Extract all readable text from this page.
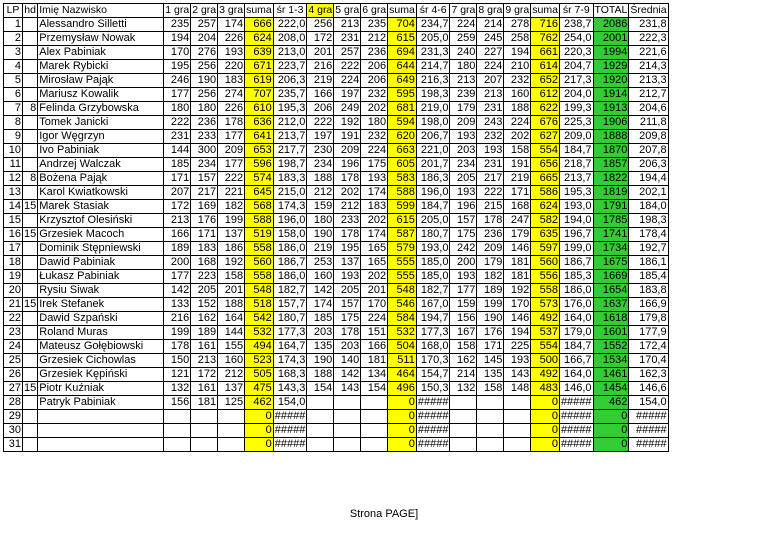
LP	hd	Imię Nazwisko	1 gra	2 gra	3 gra	suma	śr 1-3	4 gra	5 gra	6 gra	suma	śr 4-6	7 gra	8 gra	9 gra	suma	śr 7-9	TOTAL	Średnia
1		Alessandro Silletti	235	257	174	666	222,0	256	213	235	704	234,7	224	214	278	716	238,7	2086	231,8
2		Przemysław Nowak	194	204	226	624	208,0	172	231	212	615	205,0	259	245	258	762	254,0	2001	222,3
3		Alex Pabiniak	170	276	193	639	213,0	201	257	236	694	231,3	240	227	194	661	220,3	1994	221,6
4		Marek Rybicki	195	256	220	671	223,7	216	222	206	644	214,7	180	224	210	614	204,7	1929	214,3
5		Mirosław Pająk	246	190	183	619	206,3	219	224	206	649	216,3	213	207	232	652	217,3	1920	213,3
6		Mariusz Kowalik	177	256	274	707	235,7	166	197	232	595	198,3	239	213	160	612	204,0	1914	212,7
7	8	Felinda Grzybowska	180	180	226	610	195,3	206	249	202	681	219,0	179	231	188	622	199,3	1913	204,6
8		Tomek Janicki	222	236	178	636	212,0	222	192	180	594	198,0	209	243	224	676	225,3	1906	211,8
9		Igor Węgrzyn	231	233	177	641	213,7	197	191	232	620	206,7	193	232	202	627	209,0	1888	209,8
10		Ivo Pabiniak	144	300	209	653	217,7	230	209	224	663	221,0	203	193	158	554	184,7	1870	207,8
11		Andrzej Walczak	185	234	177	596	198,7	234	196	175	605	201,7	234	231	191	656	218,7	1857	206,3
12	8	Bożena Pająk	171	157	222	574	183,3	188	178	193	583	186,3	205	217	219	665	213,7	1822	194,4
13		Karol Kwiatkowski	207	217	221	645	215,0	212	202	174	588	196,0	193	222	171	586	195,3	1819	202,1
14	15	Marek Stasiak	172	169	182	568	174,3	159	212	183	599	184,7	196	215	168	624	193,0	1791	184,0
15		Krzysztof Olesiński	213	176	199	588	196,0	180	233	202	615	205,0	157	178	247	582	194,0	1785	198,3
16	15	Grzesiek Macoch	166	171	137	519	158,0	190	178	174	587	180,7	175	236	179	635	196,7	1741	178,4
17		Dominik Stępniewski	189	183	186	558	186,0	219	195	165	579	193,0	242	209	146	597	199,0	1734	192,7
18		Dawid Pabiniak	200	168	192	560	186,7	253	137	165	555	185,0	200	179	181	560	186,7	1675	186,1
19		Łukasz Pabiniak	177	223	158	558	186,0	160	193	202	555	185,0	193	182	181	556	185,3	1669	185,4
20		Rysiu Siwak	142	205	201	548	182,7	142	205	201	548	182,7	177	189	192	558	186,0	1654	183,8
21	15	Irek Stefanek	133	152	188	518	157,7	174	157	170	546	167,0	159	199	170	573	176,0	1637	166,9
22		Dawid Szpański	216	162	164	542	180,7	185	175	224	584	194,7	156	190	146	492	164,0	1618	179,8
23		Roland Muras	199	189	144	532	177,3	203	178	151	532	177,3	167	176	194	537	179,0	1601	177,9
24		Mateusz Gołębiowski	178	161	155	494	164,7	135	203	166	504	168,0	158	171	225	554	184,7	1552	172,4
25		Grzesiek Cichowlas	150	213	160	523	174,3	190	140	181	511	170,3	162	145	193	500	166,7	1534	170,4
26		Grzesiek Kępiński	121	172	212	505	168,3	188	142	134	464	154,7	214	135	143	492	164,0	1461	162,3
27	15	Piotr Kuźniak	132	161	137	475	143,3	154	143	154	496	150,3	132	158	148	483	146,0	1454	146,6
28		Patryk Pabiniak	156	181	125	462	154,0				0	#####				0	#####	462	154,0
29						0	#####				0	#####				0	#####	0	#####
30						0	#####				0	#####				0	#####	0	#####
31						0	#####				0	#####				0	#####	0	#####
Strona PAGE]
